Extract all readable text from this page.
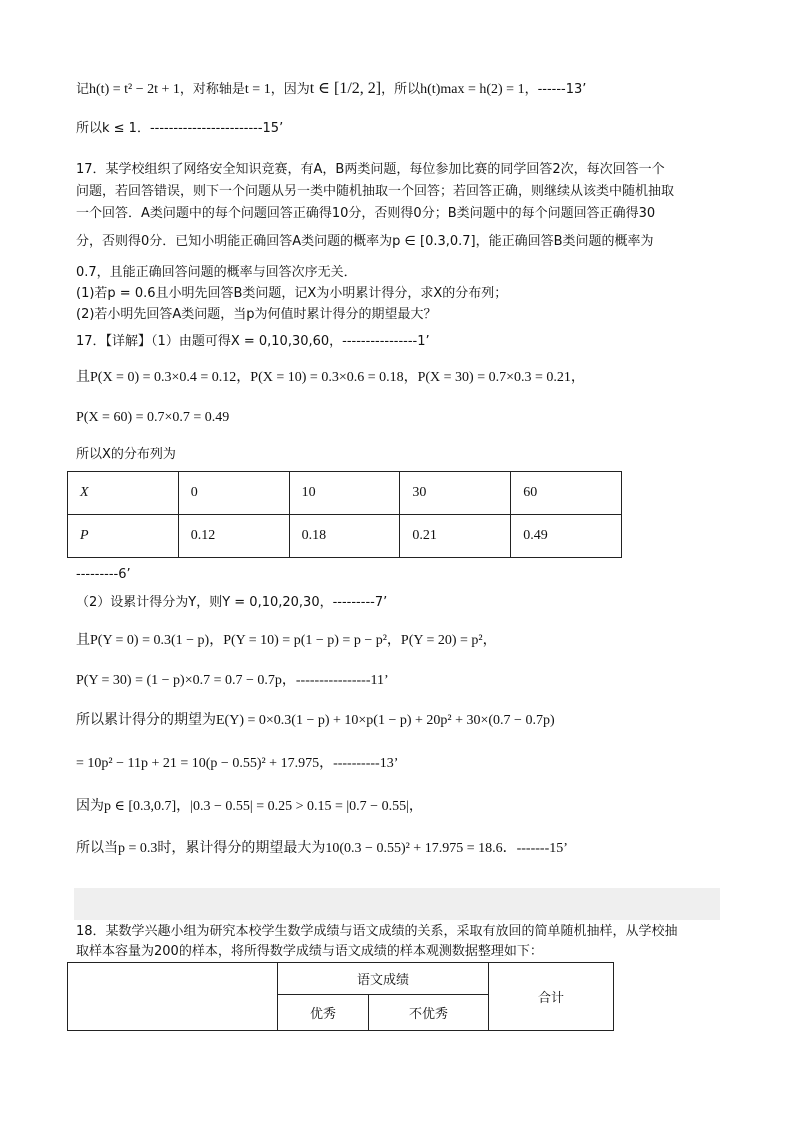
记h(t) = t² − 2t + 1，对称轴是t = 1，因为t ∈ [1/2, 2]，所以h(t)max = h(2) = 1，------13’
所以k ≤ 1．------------------------15’
17．某学校组织了网络安全知识竞赛，有A，B两类问题，每位参加比赛的同学回答2次，每次回答一个
问题，若回答错误，则下一个问题从另一类中随机抽取一个回答；若回答正确，则继续从该类中随机抽取
一个回答．A类问题中的每个问题回答正确得10分，否则得0分；B类问题中的每个问题回答正确得30
分，否则得0分．已知小明能正确回答A类问题的概率为p ∈ [0.3,0.7]，能正确回答B类问题的概率为
0.7，且能正确回答问题的概率与回答次序无关．
(1)若p = 0.6且小明先回答B类问题，记X为小明累计得分，求X的分布列；
(2)若小明先回答A类问题，当p为何值时累计得分的期望最大？
17．【详解】（1）由题可得X = 0,10,30,60，----------------1’
且P(X = 0) = 0.3×0.4 = 0.12，P(X = 10) = 0.3×0.6 = 0.18，P(X = 30) = 0.7×0.3 = 0.21，
P(X = 60) = 0.7×0.7 = 0.49
所以X的分布列为
X	0	10	30	60
P	0.12	0.18	0.21	0.49
---------6’
（2）设累计得分为Y，则Y = 0,10,20,30，---------7’
且P(Y = 0) = 0.3(1 − p)，P(Y = 10) = p(1 − p) = p − p²，P(Y = 20) = p²，
P(Y = 30) = (1 − p)×0.7 = 0.7 − 0.7p，----------------11’
所以累计得分的期望为E(Y) = 0×0.3(1 − p) + 10×p(1 − p) + 20p² + 30×(0.7 − 0.7p)
= 10p² − 11p + 21 = 10(p − 0.55)² + 17.975，----------13’
因为p ∈ [0.3,0.7]，|0.3 − 0.55| = 0.25 > 0.15 = |0.7 − 0.55|，
所以当p = 0.3时，累计得分的期望最大为10(0.3 − 0.55)² + 17.975 = 18.6．-------15’
18．某数学兴趣小组为研究本校学生数学成绩与语文成绩的关系，采取有放回的简单随机抽样，从学校抽
取样本容量为200的样本，将所得数学成绩与语文成绩的样本观测数据整理如下：
	语文成绩		合计
	优秀	不优秀	
